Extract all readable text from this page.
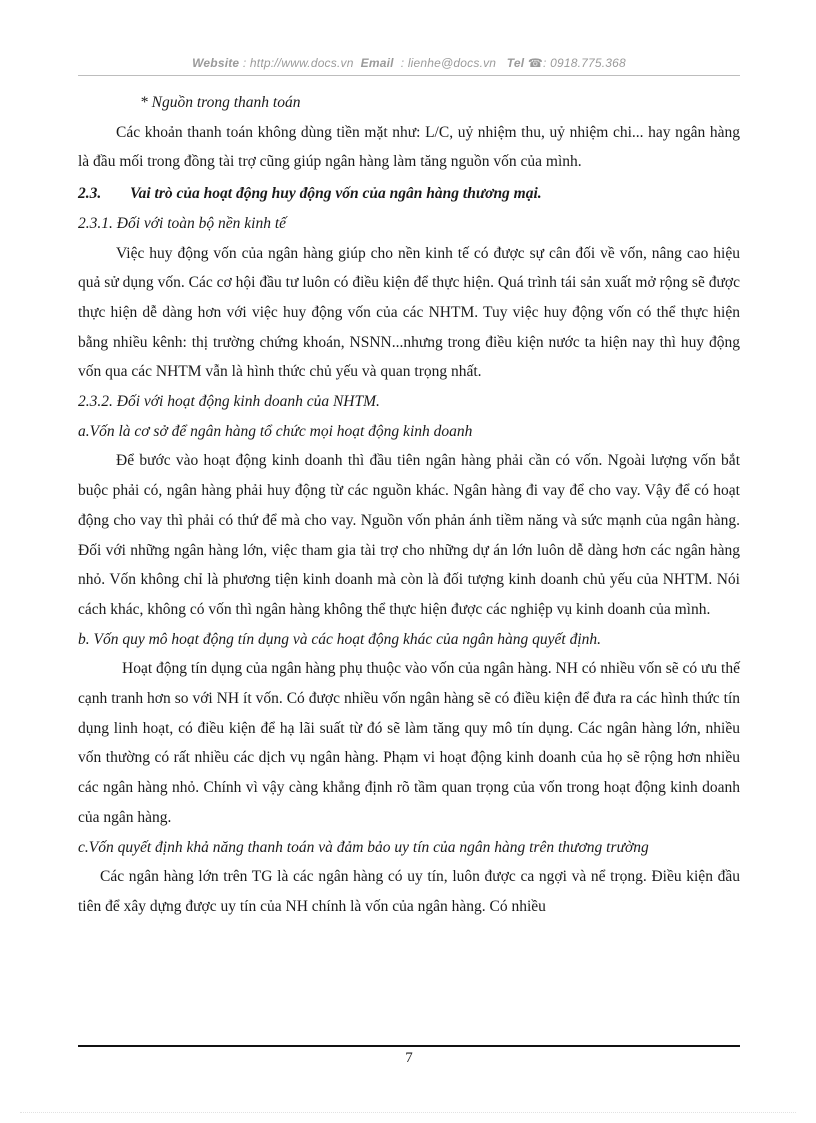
Website : http://www.docs.vn Email : lienhe@docs.vn Tel ☎: 0918.775.368

* Nguồn trong thanh toán

Các khoản thanh toán không dùng tiền mặt như: L/C, uỷ nhiệm thu, uỷ nhiệm chi... hay ngân hàng là đầu mối trong đồng tài trợ cũng giúp ngân hàng làm tăng nguồn vốn của mình.

2.3. Vai trò của hoạt động huy động vốn của ngân hàng thương mại.

2.3.1. Đối với toàn bộ nền kinh tế

Việc huy động vốn của ngân hàng giúp cho nền kinh tế có được sự cân đối về vốn, nâng cao hiệu quả sử dụng vốn. Các cơ hội đầu tư luôn có điều kiện để thực hiện. Quá trình tái sản xuất mở rộng sẽ được thực hiện dễ dàng hơn với việc huy động vốn của các NHTM. Tuy việc huy động vốn có thể thực hiện bằng nhiều kênh: thị trường chứng khoán, NSNN...nhưng trong điều kiện nước ta hiện nay thì huy động vốn qua các NHTM vẫn là hình thức chủ yếu và quan trọng nhất.

2.3.2. Đối với hoạt động kinh doanh của NHTM.

a.Vốn là cơ sở để ngân hàng tổ chức mọi hoạt động kinh doanh

Để bước vào hoạt động kinh doanh thì đầu tiên ngân hàng phải cần có vốn. Ngoài lượng vốn bắt buộc phải có, ngân hàng phải huy động từ các nguồn khác. Ngân hàng đi vay để cho vay. Vậy để có hoạt động cho vay thì phải có thứ để mà cho vay. Nguồn vốn phản ánh tiềm năng và sức mạnh của ngân hàng. Đối với những ngân hàng lớn, việc tham gia tài trợ cho những dự án lớn luôn dễ dàng hơn các ngân hàng nhỏ. Vốn không chỉ là phương tiện kinh doanh mà còn là đối tượng kinh doanh chủ yếu của NHTM. Nói cách khác, không có vốn thì ngân hàng không thể thực hiện được các nghiệp vụ kinh doanh của mình.

b. Vốn quy mô hoạt động tín dụng và các hoạt động khác của ngân hàng quyết định.

Hoạt động tín dụng của ngân hàng phụ thuộc vào vốn của ngân hàng. NH có nhiều vốn sẽ có ưu thế cạnh tranh hơn so với NH ít vốn. Có được nhiều vốn ngân hàng sẽ có điều kiện để đưa ra các hình thức tín dụng linh hoạt, có điều kiện để hạ lãi suất từ đó sẽ làm tăng quy mô tín dụng. Các ngân hàng lớn, nhiều vốn thường có rất nhiều các dịch vụ ngân hàng. Phạm vi hoạt động kinh doanh của họ sẽ rộng hơn nhiều các ngân hàng nhỏ. Chính vì vậy càng khẳng định rõ tầm quan trọng của vốn trong hoạt động kinh doanh của ngân hàng.

c.Vốn quyết định khả năng thanh toán và đảm bảo uy tín của ngân hàng trên thương trường

Các ngân hàng lớn trên TG là các ngân hàng có uy tín, luôn được ca ngợi và nể trọng. Điều kiện đầu tiên để xây dựng được uy tín của NH chính là vốn của ngân hàng. Có nhiều

7
